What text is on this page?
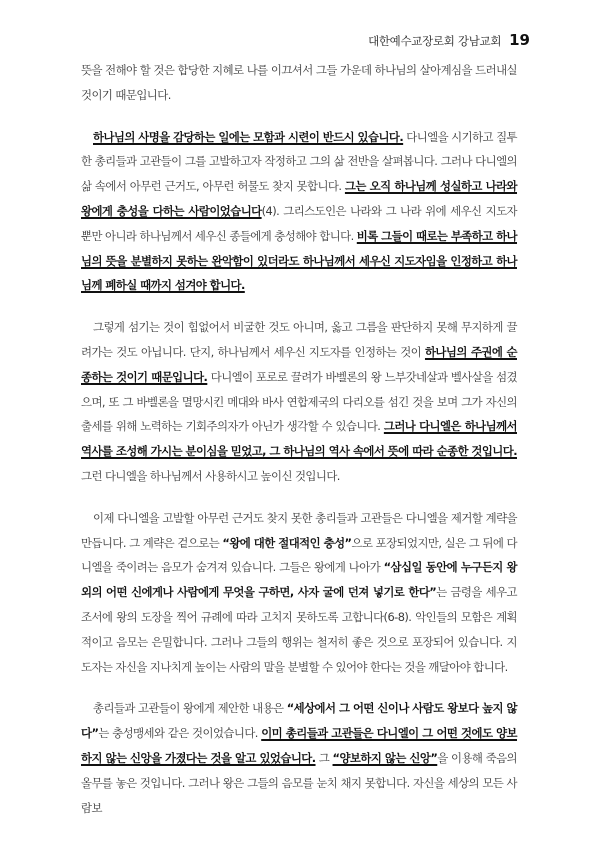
대한예수교장로회 강남교회 19

뜻을 전해야 할 것은 합당한 지혜로 나를 이끄셔서 그들 가운데 하나님의 살아계심을 드러내실 것이기 때문입니다.

하나님의 사명을 감당하는 일에는 모함과 시련이 반드시 있습니다. 다니엘을 시기하고 질투한 총리들과 고관들이 그를 고발하고자 작정하고 그의 삶 전반을 살펴봅니다. 그러나 다니엘의 삶 속에서 아무런 근거도, 아무런 허물도 찾지 못합니다. 그는 오직 하나님께 성실하고 나라와 왕에게 충성을 다하는 사람이었습니다(4). 그리스도인은 나라와 그 나라 위에 세우신 지도자뿐만 아니라 하나님께서 세우신 종들에게 충성해야 합니다. 비록 그들이 때로는 부족하고 하나님의 뜻을 분별하지 못하는 완악함이 있더라도 하나님께서 세우신 지도자임을 인정하고 하나님께 폐하실 때까지 섬겨야 합니다.

그렇게 섬기는 것이 힘없어서 비굴한 것도 아니며, 옳고 그름을 판단하지 못해 무지하게 끌려가는 것도 아닙니다. 단지, 하나님께서 세우신 지도자를 인정하는 것이 하나님의 주권에 순종하는 것이기 때문입니다. 다니엘이 포로로 끌려가 바벨론의 왕 느부갓네살과 벨사살을 섬겼으며, 또 그 바벨론을 멸망시킨 메대와 바사 연합제국의 다리오를 섬긴 것을 보며 그가 자신의 출세를 위해 노력하는 기회주의자가 아닌가 생각할 수 있습니다. 그러나 다니엘은 하나님께서 역사를 조성해 가시는 분이심을 믿었고, 그 하나님의 역사 속에서 뜻에 따라 순종한 것입니다. 그런 다니엘을 하나님께서 사용하시고 높이신 것입니다.

이제 다니엘을 고발할 아무런 근거도 찾지 못한 총리들과 고관들은 다니엘을 제거할 계략을 만듭니다. 그 계략은 겉으로는 “왕에 대한 절대적인 충성”으로 포장되었지만, 실은 그 뒤에 다니엘을 죽이려는 음모가 숨겨져 있습니다. 그들은 왕에게 나아가 “삼십일 동안에 누구든지 왕 외의 어떤 신에게나 사람에게 무엇을 구하면, 사자 굴에 던져 넣기로 한다”는 금령을 세우고 조서에 왕의 도장을 찍어 규례에 따라 고치지 못하도록 고합니다(6-8). 악인들의 모함은 계획적이고 음모는 은밀합니다. 그러나 그들의 행위는 철저히 좋은 것으로 포장되어 있습니다. 지도자는 자신을 지나치게 높이는 사람의 말을 분별할 수 있어야 한다는 것을 깨달아야 합니다.

총리들과 고관들이 왕에게 제안한 내용은 “세상에서 그 어떤 신이나 사람도 왕보다 높지 않다”는 충성맹세와 같은 것이었습니다. 이미 총리들과 고관들은 다니엘이 그 어떤 것에도 양보하지 않는 신앙을 가졌다는 것을 알고 있었습니다. 그 “양보하지 않는 신앙”을 이용해 죽음의 올무를 놓은 것입니다. 그러나 왕은 그들의 음모를 눈치 채지 못합니다. 자신을 세상의 모든 사람보
